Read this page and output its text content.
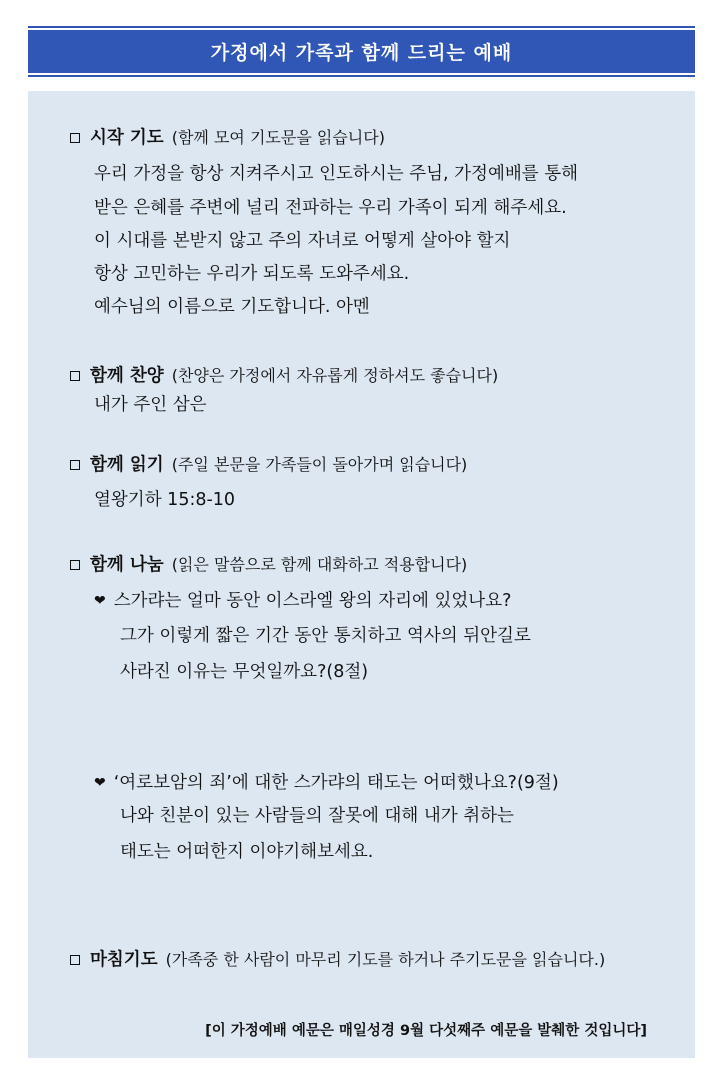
가정에서 가족과 함께 드리는 예배
시작 기도 (함께 모여 기도문을 읽습니다)
우리 가정을 항상 지켜주시고 인도하시는 주님, 가정예배를 통해
받은 은혜를 주변에 널리 전파하는 우리 가족이 되게 해주세요.
이 시대를 본받지 않고 주의 자녀로 어떻게 살아야 할지
항상 고민하는 우리가 되도록 도와주세요.
예수님의 이름으로 기도합니다. 아멘
함께 찬양 (찬양은 가정에서 자유롭게 정하셔도 좋습니다)
내가 주인 삼은
함께 읽기 (주일 본문을 가족들이 돌아가며 읽습니다)
열왕기하 15:8-10
함께 나눔 (읽은 말씀으로 함께 대화하고 적용합니다)
❤ 스가랴는 얼마 동안 이스라엘 왕의 자리에 있었나요?
그가 이렇게 짧은 기간 동안 통치하고 역사의 뒤안길로
사라진 이유는 무엇일까요?(8절)
❤ ‘여로보암의 죄’에 대한 스가랴의 태도는 어떠했나요?(9절)
나와 친분이 있는 사람들의 잘못에 대해 내가 취하는
태도는 어떠한지 이야기해보세요.
마침기도 (가족중 한 사람이 마무리 기도를 하거나 주기도문을 읽습니다.)
[이 가정예배 예문은 매일성경 9월 다섯째주 예문을 발췌한 것입니다]
